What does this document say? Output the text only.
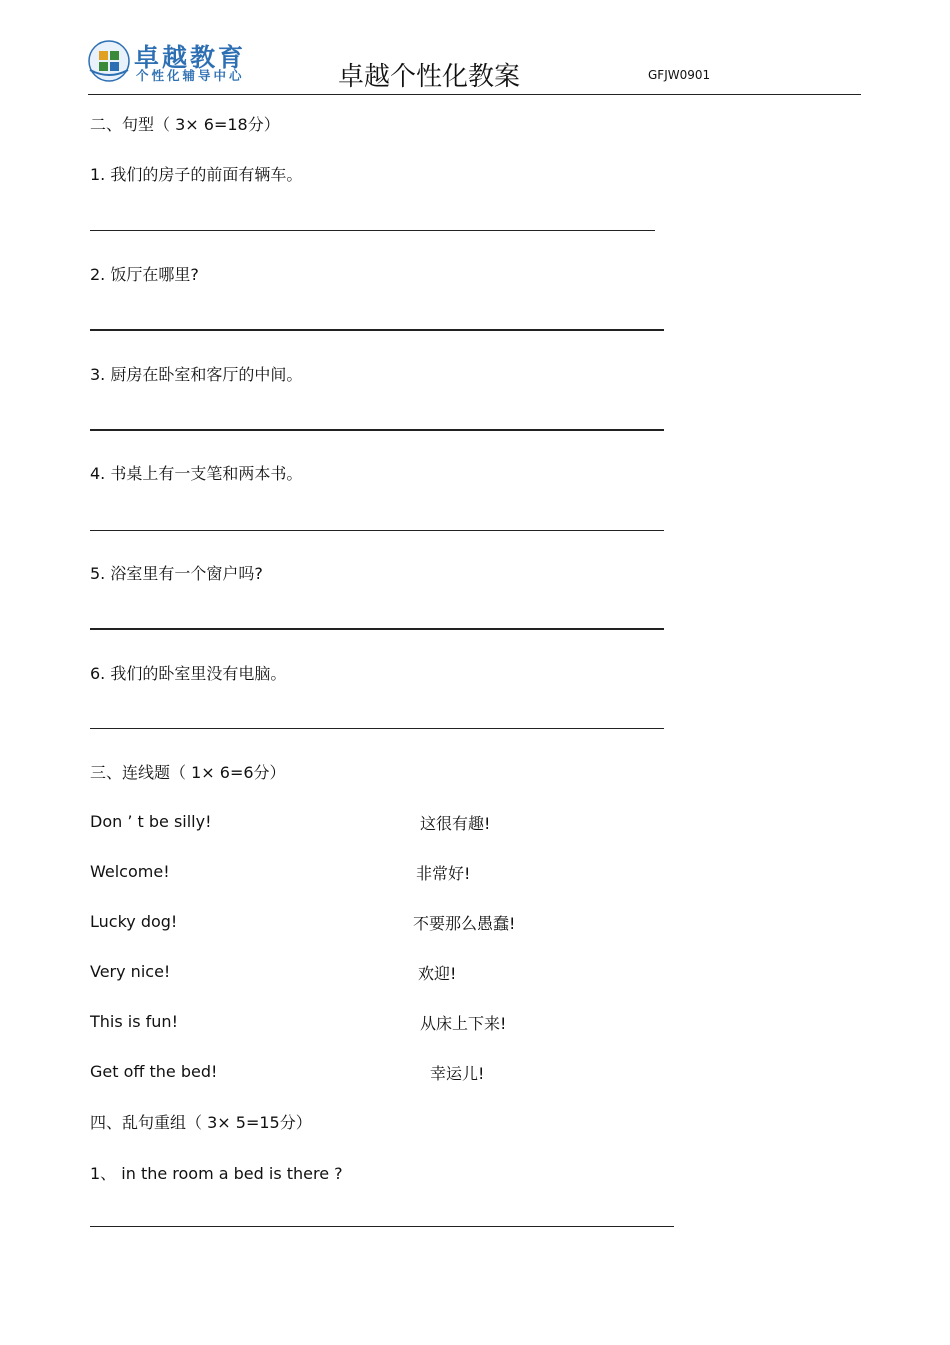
卓越教育
个性化辅导中心	卓越个性化教案	GFJW0901
二、句型（ 3× 6=18分）
1. 我们的房子的前面有辆车。
2. 饭厅在哪里?
3. 厨房在卧室和客厅的中间。
4. 书桌上有一支笔和两本书。
5. 浴室里有一个窗户吗?
6. 我们的卧室里没有电脑。
三、连线题（ 1× 6=6分）
Don ’ t be silly!	这很有趣!
Welcome!	非常好!
Lucky dog!	不要那么愚蠢!
Very nice!	欢迎!
This is fun!	从床上下来!
Get off the bed!	幸运儿!
四、乱句重组（ 3× 5=15分）
1、 in the room a bed is there ?
